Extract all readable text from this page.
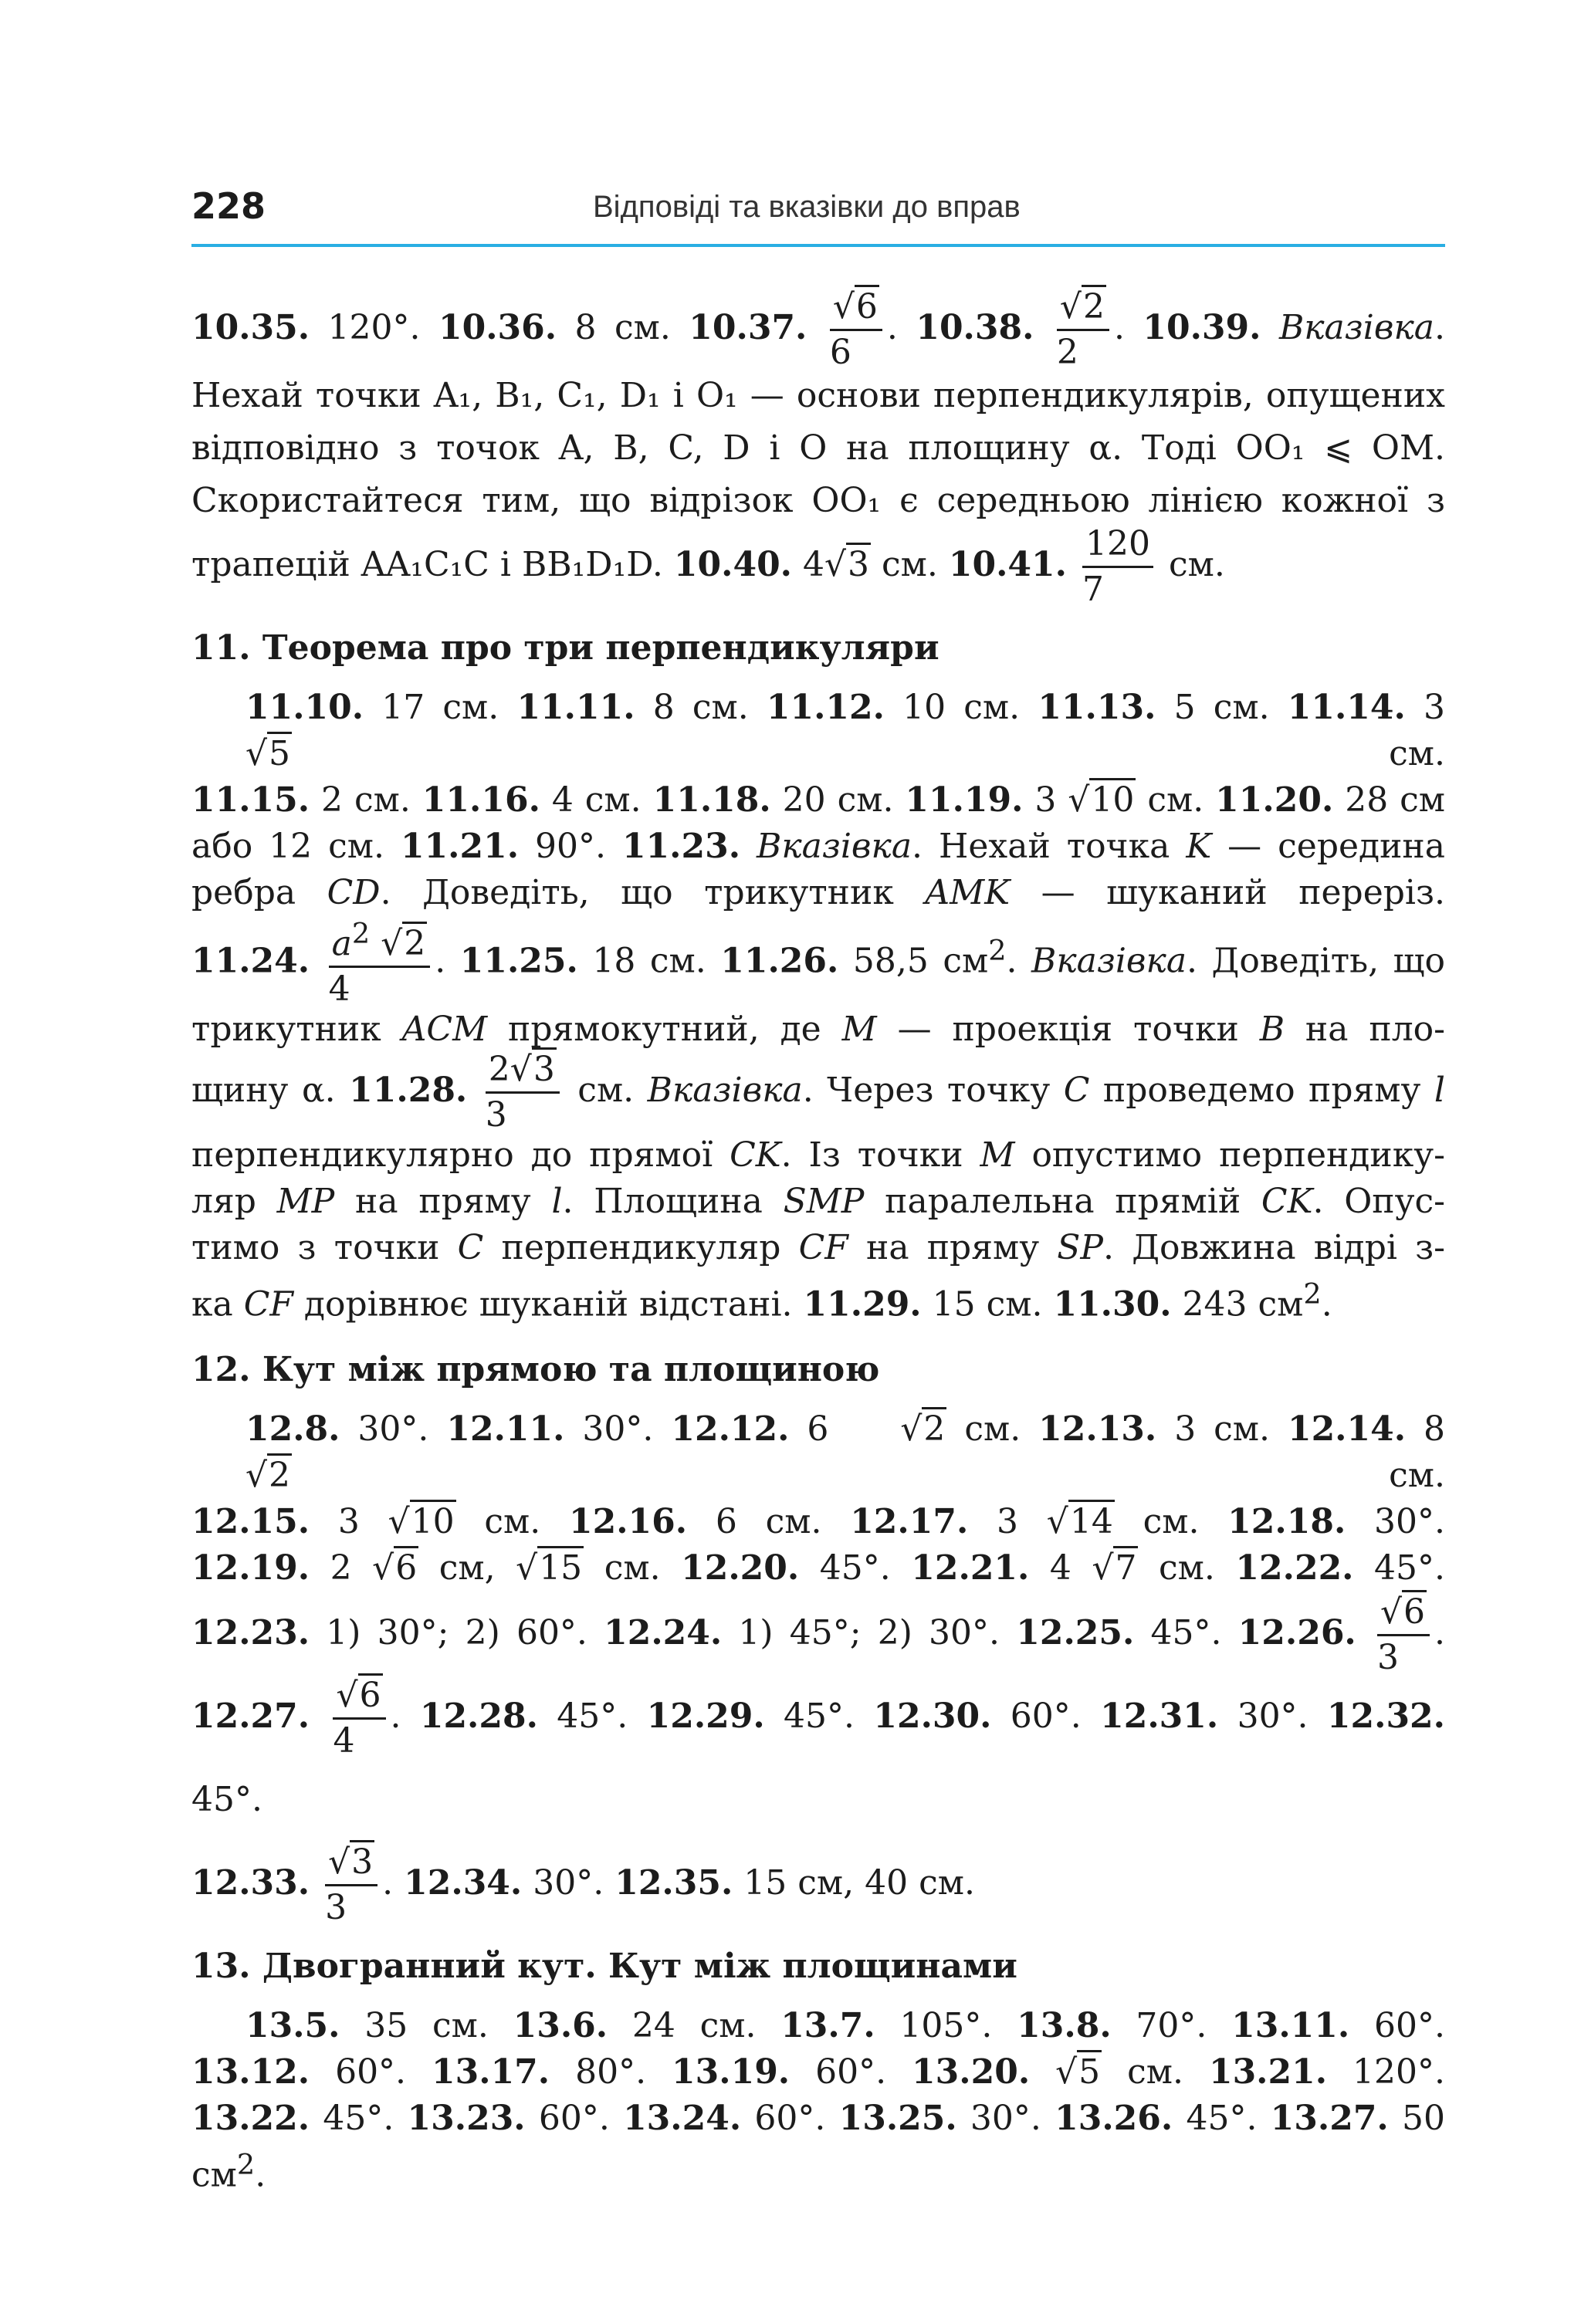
228	Відповіді та вказівки до вправ

10.35. 120°. 10.36. 8 см. 10.37. $\frac{√6}{6}$ . 10.38. $\frac{√2}{2}$ . 10.39. Вказівка. Нехай точки A₁, B₁, C₁, D₁ і O₁ — основи перпендикулярів, опущених відповідно з точок A, B, C, D і O на площину α. Тоді OO₁ ⩽ OM. Скористайтеся тим, що відрізок OO₁ є середньою лінією кожної з трапецій AA₁C₁C і BB₁D₁D. 10.40. 4√3 см. 10.41. $\frac{120}{7}$ см.

11. Теорема про три перпендикуляри

11.10. 17 см. 11.11. 8 см. 11.12. 10 см. 11.13. 5 см. 11.14. 3 √5 см.

11.15. 2 см. 11.16. 4 см. 11.18. 20 см. 11.19. 3 √10 см. 11.20. 28 см

або 12 см. 11.21. 90°. 11.23. Вказівка. Нехай точка K — середина

ребра CD. Доведіть, що трикутник AMK — шуканий переріз.

11.24. $\frac{a^2 √2}{4}$ . 11.25. 18 см. 11.26. 58,5 $см^2$. Вказівка. Доведіть, що

трикутник ACM прямокутний, де M — проекція точки B на пло-

щину α. 11.28. $\frac{2√3}{3}$ см. Вказівка. Через точку C проведемо пряму l

перпендикулярно до прямої CK. Із точки M опустимо перпендику-

ляр MP на пряму l. Площина SMP паралельна прямій CK. Опус-

тимо з точки C перпендикуляр CF на пряму SP. Довжина відрі з-

ка CF дорівнює шуканій відстані. 11.29. 15 см. 11.30. 243 $см^2$.

12. Кут між прямою та площиною

12.8. 30°. 12.11. 30°. 12.12. 6 √2 см. 12.13. 3 см. 12.14. 8 √2 см.

12.15. 3 √10 см. 12.16. 6 см. 12.17. 3 √14 см. 12.18. 30°.

12.19. 2 √6 см, √15 см. 12.20. 45°. 12.21. 4 √7 см. 12.22. 45°.

12.23. 1) 30°; 2) 60°. 12.24. 1) 45°; 2) 30°. 12.25. 45°. 12.26. $\frac{√6}{3}$ .

12.27. $\frac{√6}{4}$ . 12.28. 45°. 12.29. 45°. 12.30. 60°. 12.31. 30°. 12.32. 45°.

12.33. $\frac{√3}{3}$ . 12.34. 30°. 12.35. 15 см, 40 см.

13. Двогранний кут. Кут між площинами

13.5. 35 см. 13.6. 24 см. 13.7. 105°. 13.8. 70°. 13.11. 60°.

13.12. 60°. 13.17. 80°. 13.19. 60°. 13.20. √5 см. 13.21. 120°.

13.22. 45°. 13.23. 60°. 13.24. 60°. 13.25. 30°. 13.26. 45°. 13.27. 50 $см^2$.
